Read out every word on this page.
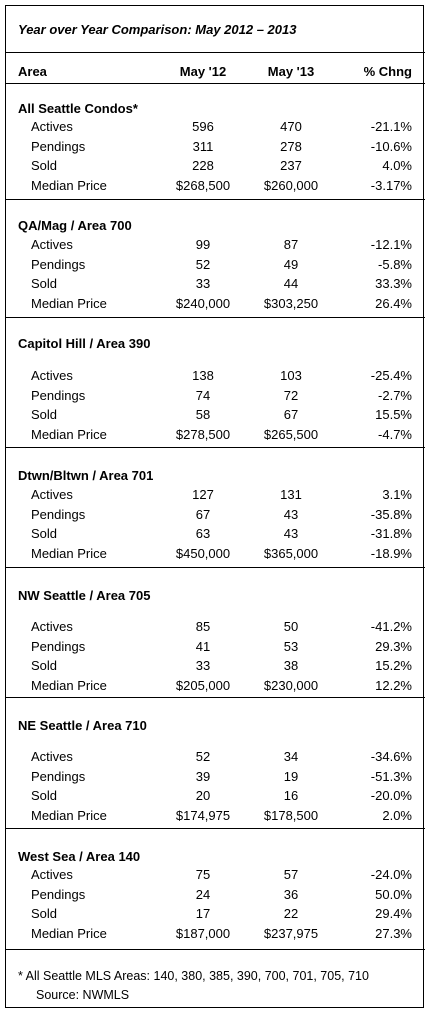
Year over Year Comparison: May 2012 – 2013
Area	May '12	May '13	% Chng
All Seattle Condos*
Actives	596	470	-21.1%
Pendings	311	278	-10.6%
Sold	228	237	4.0%
Median Price	$268,500	$260,000	-3.17%
QA/Mag / Area 700
Actives	99	87	-12.1%
Pendings	52	49	-5.8%
Sold	33	44	33.3%
Median Price	$240,000	$303,250	26.4%
Capitol Hill / Area 390
Actives	138	103	-25.4%
Pendings	74	72	-2.7%
Sold	58	67	15.5%
Median Price	$278,500	$265,500	-4.7%
Dtwn/Bltwn / Area 701
Actives	127	131	3.1%
Pendings	67	43	-35.8%
Sold	63	43	-31.8%
Median Price	$450,000	$365,000	-18.9%
NW Seattle / Area 705
Actives	85	50	-41.2%
Pendings	41	53	29.3%
Sold	33	38	15.2%
Median Price	$205,000	$230,000	12.2%
NE Seattle / Area 710
Actives	52	34	-34.6%
Pendings	39	19	-51.3%
Sold	20	16	-20.0%
Median Price	$174,975	$178,500	2.0%
West Sea / Area 140
Actives	75	57	-24.0%
Pendings	24	36	50.0%
Sold	17	22	29.4%
Median Price	$187,000	$237,975	27.3%
* All Seattle MLS Areas: 140, 380, 385, 390, 700, 701, 705, 710
Source: NWMLS
